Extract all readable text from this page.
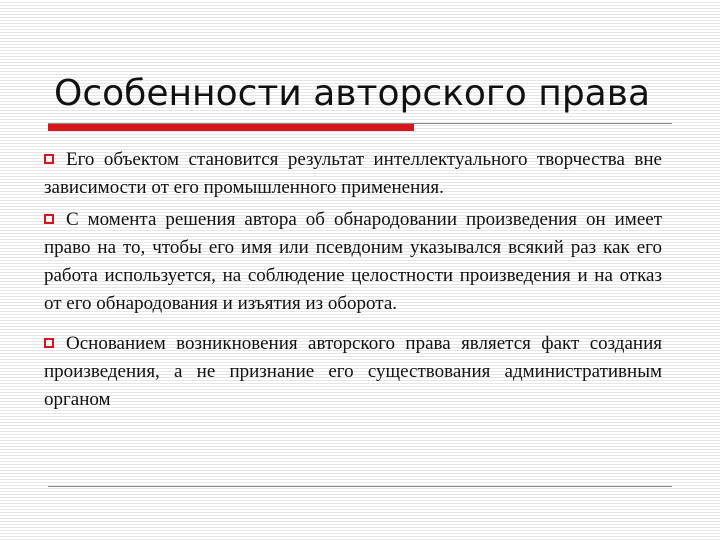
Особенности авторского права

Его объектом становится результат интеллектуального творчества вне зависимости от его промышленного применения.

С момента решения автора об обнародовании произведения он имеет право на то, чтобы его имя или псевдоним указывался всякий раз как его работа используется, на соблюдение целостности произведения и на отказ от его обнародования и изъятия из оборота.

Основанием возникновения авторского права является факт создания произведения, а не признание его существования административным органом
